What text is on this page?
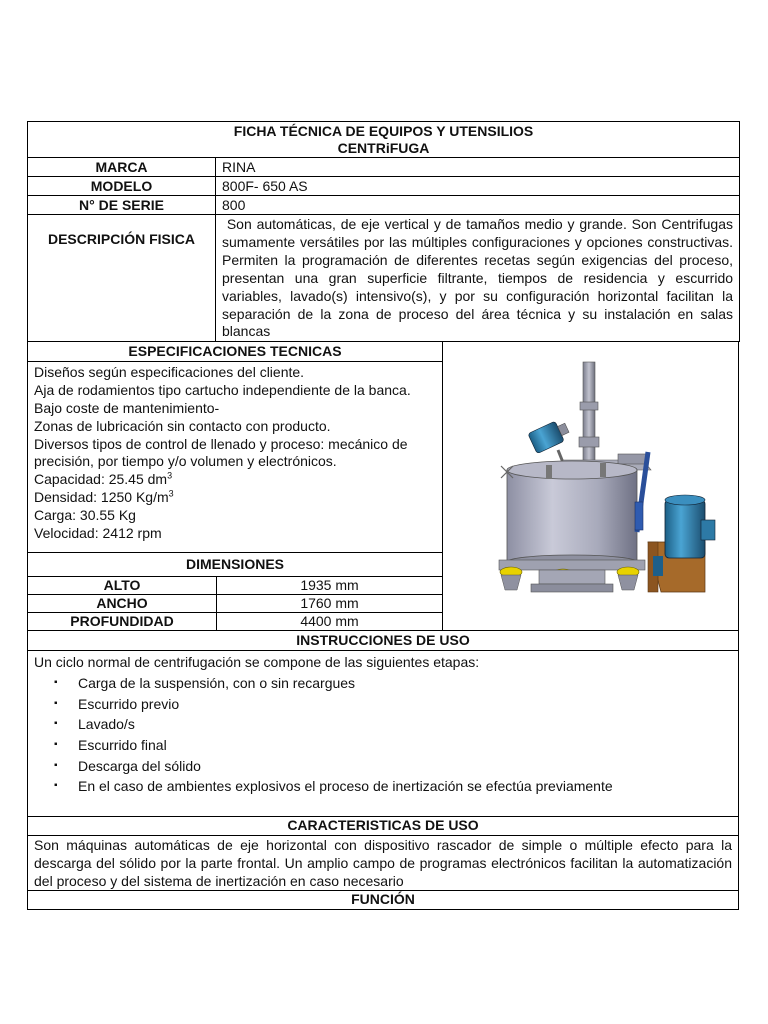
FICHA TÉCNICA DE EQUIPOS Y UTENSILIOS
CENTRiFUGA	

MARCA	RINA
MODELO	800F- 650 AS
N° DE SERIE	800
DESCRIPCIÓN FISICA	Son automáticas, de eje vertical y de tamaños medio y grande. Son Centrifugas sumamente versátiles por las múltiples configuraciones y opciones constructivas. Permiten la programación de diferentes recetas según exigencias del proceso, presentan una gran superficie filtrante, tiempos de residencia y escurrido variables, lavado(s) intensivo(s), y por su configuración horizontal facilitan la separación de la zona de proceso del área técnica y su instalación en salas blancas
ESPECIFICACIONES TECNICAS
Diseños según especificaciones del cliente.
Aja de rodamientos tipo cartucho independiente de la banca.
Bajo coste de mantenimiento-
Zonas de lubricación sin contacto con producto.
Diversos tipos de control de llenado y proceso: mecánico de precisión, por tiempo y/o volumen y electrónicos.
Capacidad: 25.45 $dm^3$
Densidad: 1250 $Kg/m^3$
Carga: 30.55 Kg
Velocidad: 2412 rpm
DIMENSIONES
ALTO	1935 mm
ANCHO	1760 mm
PROFUNDIDAD	4400 mm
INSTRUCCIONES DE USO

Un ciclo normal de centrifugación se compone de las siguientes etapas:
▪ Carga de la suspensión, con o sin recargues
▪ Escurrido previo
▪ Lavado/s
▪ Escurrido final
▪ Descarga del sólido
▪ En el caso de ambientes explosivos el proceso de inertización se efectúa previamente

CARACTERISTICAS DE USO
Son máquinas automáticas de eje horizontal con dispositivo rascador de simple o múltiple efecto para la descarga del sólido por la parte frontal. Un amplio campo de programas electrónicos facilitan la automatización del proceso y del sistema de inertización en caso necesario
FUNCIÓN
